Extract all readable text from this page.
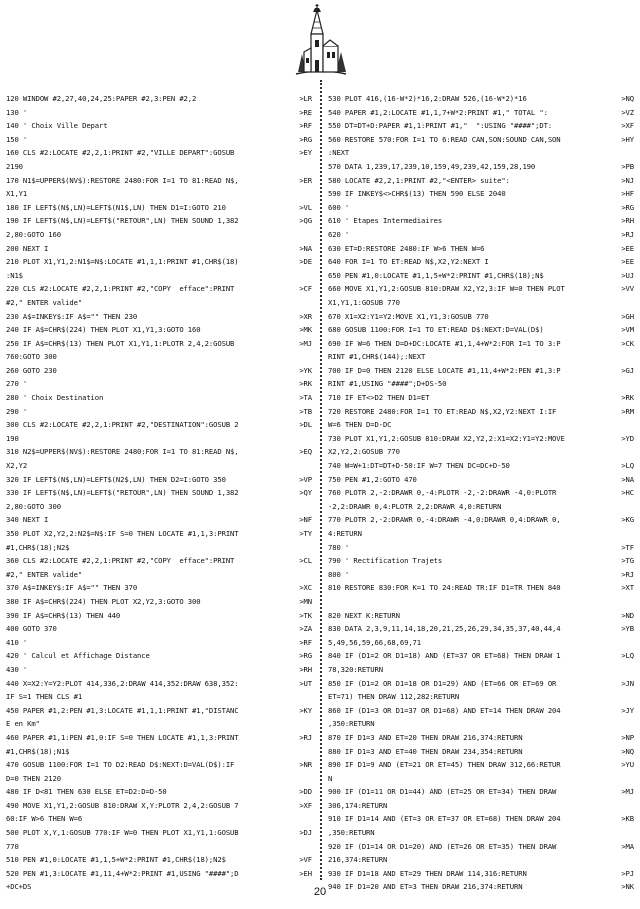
120 WINDOW #2,27,40,24,25:PAPER #2,3:PEN #2,2	>LR
130 '	>RE
140 ' Choix Ville Depart	>RF
150 '	>RG
160 CLS #2:LOCATE #2,2,1:PRINT #2,"VILLE DEPART":GOSUB	>EY
2190
170 N1$=UPPER$(NV$):RESTORE 2480:FOR I=1 TO 81:READ N$,	>ER
X1,Y1
180 IF LEFT$(N$,LN)=LEFT$(N1$,LN) THEN D1=I:GOTO 210	>VL
190 IF LEFT$(N$,LN)=LEFT$("RETOUR",LN) THEN SOUND 1,382	>QG
2,80:GOTO 160
200 NEXT I	>NA
210 PLOT X1,Y1,2:N1$=N$:LOCATE #1,1,1:PRINT #1,CHR$(18)	>DE
:N1$
220 CLS #2:LOCATE #2,2,1:PRINT #2,"COPY  efface":PRINT	>CF
#2," ENTER valide"
230 A$=INKEY$:IF A$="" THEN 230	>XR
240 IF A$=CHR$(224) THEN PLOT X1,Y1,3:GOTO 160	>MK
250 IF A$=CHR$(13) THEN PLOT X1,Y1,1:PLOTR 2,4,2:GOSUB	>MJ
760:GOTO 300
260 GOTO 230	>YK
270 '	>RK
280 ' Choix Destination	>TA
290 '	>TB
300 CLS #2:LOCATE #2,2,1:PRINT #2,"DESTINATION":GOSUB 2	>DL
190
310 N2$=UPPER$(NV$):RESTORE 2480:FOR I=1 TO 81:READ N$,	>EQ
X2,Y2
320 IF LEFT$(N$,LN)=LEFT$(N2$,LN) THEN D2=I:GOTO 350	>VP
330 IF LEFT$(N$,LN)=LEFT$("RETOUR",LN) THEN SOUND 1,382	>QY
2,80:GOTO 300
340 NEXT I	>NF
350 PLOT X2,Y2,2:N2$=N$:IF S=0 THEN LOCATE #1,1,3:PRINT	>TY
#1,CHR$(18);N2$
360 CLS #2:LOCATE #2,2,1:PRINT #2,"COPY  efface":PRINT	>CL
#2," ENTER valide"
370 A$=INKEY$:IF A$="" THEN 370	>XC
380 IF A$=CHR$(224) THEN PLOT X2,Y2,3:GOTO 300	>MN
390 IF A$=CHR$(13) THEN 440	>TK
400 GOTO 370	>ZA
410 '	>RF
420 ' Calcul et Affichage Distance	>RG
430 '	>RH
440 X=X2:Y=Y2:PLOT 414,336,2:DRAW 414,352:DRAW 638,352:	>UT
IF S=1 THEN CLS #1
450 PAPER #1,2:PEN #1,3:LOCATE #1,1,1:PRINT #1,"DISTANC	>KY
E en Km"
460 PAPER #1,1:PEN #1,0:IF S=0 THEN LOCATE #1,1,3:PRINT	>RJ
#1,CHR$(18);N1$
470 GOSUB 1100:FOR I=1 TO D2:READ D$:NEXT:D=VAL(D$):IF	>NR
D=0 THEN 2120
480 IF D<81 THEN 630 ELSE ET=D2:D=D-50	>DD
490 MOVE X1,Y1,2:GOSUB 810:DRAW X,Y:PLOTR 2,4,2:GOSUB 7	>XF
60:IF W>6 THEN W=6
500 PLOT X,Y,1:GOSUB 770:IF W=0 THEN PLOT X1,Y1,1:GOSUB	>DJ
770
510 PEN #1,0:LOCATE #1,1,5+W*2:PRINT #1,CHR$(18);N2$	>VF
520 PEN #1,3:LOCATE #1,11,4+W*2:PRINT #1,USING "####";D	>EH
+DC+DS
530 PLOT 416,(16-W*2)*16,2:DRAW 526,(16-W*2)*16	>NQ
540 PAPER #1,2:LOCATE #1,1,7+W*2:PRINT #1," TOTAL ":	>VZ
550 DT=DT+D:PAPER #1,1:PRINT #1,"  ":USING "####";DT:	>XF
560 RESTORE 570:FOR I=1 TO 6:READ CAN,SON:SOUND CAN,SON	>HY
:NEXT
570 DATA 1,239,17,239,10,159,49,239,42,159,28,190	>PB
580 LOCATE #2,2,1:PRINT #2,"<ENTER> suite":	>NJ
590 IF INKEY$<>CHR$(13) THEN 590 ELSE 2040	>HF
600 '	>RG
610 ' Etapes Intermediaires	>RH
620 '	>RJ
630 ET=D:RESTORE 2480:IF W>6 THEN W=6	>EE
640 FOR I=1 TO ET:READ N$,X2,Y2:NEXT I	>EE
650 PEN #1,0:LOCATE #1,1,5+W*2:PRINT #1,CHR$(18);N$	>UJ
660 MOVE X1,Y1,2:GOSUB 810:DRAW X2,Y2,3:IF W=0 THEN PLOT	>VV
X1,Y1,1:GOSUB 770
670 X1=X2:Y1=Y2:MOVE X1,Y1,3:GOSUB 770	>GH
680 GOSUB 1100:FOR I=1 TO ET:READ D$:NEXT:D=VAL(D$)	>VM
690 IF W=6 THEN D=D+DC:LOCATE #1,1,4+W*2:FOR I=1 TO 3:P	>CK
RINT #1,CHR$(144);:NEXT
700 IF D=0 THEN 2120 ELSE LOCATE #1,11,4+W*2:PEN #1,3:P	>GJ
RINT #1,USING "####";D+DS-50
710 IF ET<>D2 THEN D1=ET	>RK
720 RESTORE 2480:FOR I=1 TO ET:READ N$,X2,Y2:NEXT I:IF	>RM
W=6 THEN D=D-DC
730 PLOT X1,Y1,2:GOSUB 810:DRAW X2,Y2,2:X1=X2:Y1=Y2:MOVE	>YD
X2,Y2,2:GOSUB 770
740 W=W+1:DT=DT+D-50:IF W=7 THEN DC=DC+D-50	>LQ
750 PEN #1,2:GOTO 470	>NA
760 PLOTR 2,-2:DRAWR 0,-4:PLOTR -2,-2:DRAWR -4,0:PLOTR	>HC
-2,2:DRAWR 0,4:PLOTR 2,2:DRAWR 4,0:RETURN
770 PLOTR 2,-2:DRAWR 0,-4:DRAWR -4,0:DRAWR 0,4:DRAWR 0,	>KG
4:RETURN
780 '	>TF
790 ' Rectification Trajets	>TG
800 '	>RJ
810 RESTORE 830:FOR K=1 TO 24:READ TR:IF D1=TR THEN 840	>XT
820 NEXT K:RETURN	>ND
830 DATA 2,3,9,11,14,18,20,21,25,26,29,34,35,37,40,44,4	>YB
5,49,56,59,66,68,69,71
840 IF (D1=2 OR D1=18) AND (ET=37 OR ET=68) THEN DRAW 1	>LQ
78,320:RETURN
850 IF (D1=2 OR D1=18 OR D1=29) AND (ET=66 OR ET=69 OR	>JN
ET=71) THEN DRAW 112,282:RETURN
860 IF (D1=3 OR D1=37 OR D1=68) AND ET=14 THEN DRAW 204	>JY
,350:RETURN
870 IF D1=3 AND ET=20 THEN DRAW 216,374:RETURN	>NP
880 IF D1=3 AND ET=40 THEN DRAW 234,354:RETURN	>NQ
890 IF D1=9 AND (ET=21 OR ET=45) THEN DRAW 312,66:RETUR	>YU
N
900 IF (D1=11 OR D1=44) AND (ET=25 OR ET=34) THEN DRAW	>MJ
306,174:RETURN
910 IF D1=14 AND (ET=3 OR ET=37 OR ET=68) THEN DRAW 204	>KB
,350:RETURN
920 IF (D1=14 OR D1=20) AND (ET=26 OR ET=35) THEN DRAW	>MA
216,374:RETURN
930 IF D1=18 AND ET=29 THEN DRAW 114,316:RETURN	>PJ
940 IF D1=20 AND ET=3 THEN DRAW 216,374:RETURN	>NK
20
